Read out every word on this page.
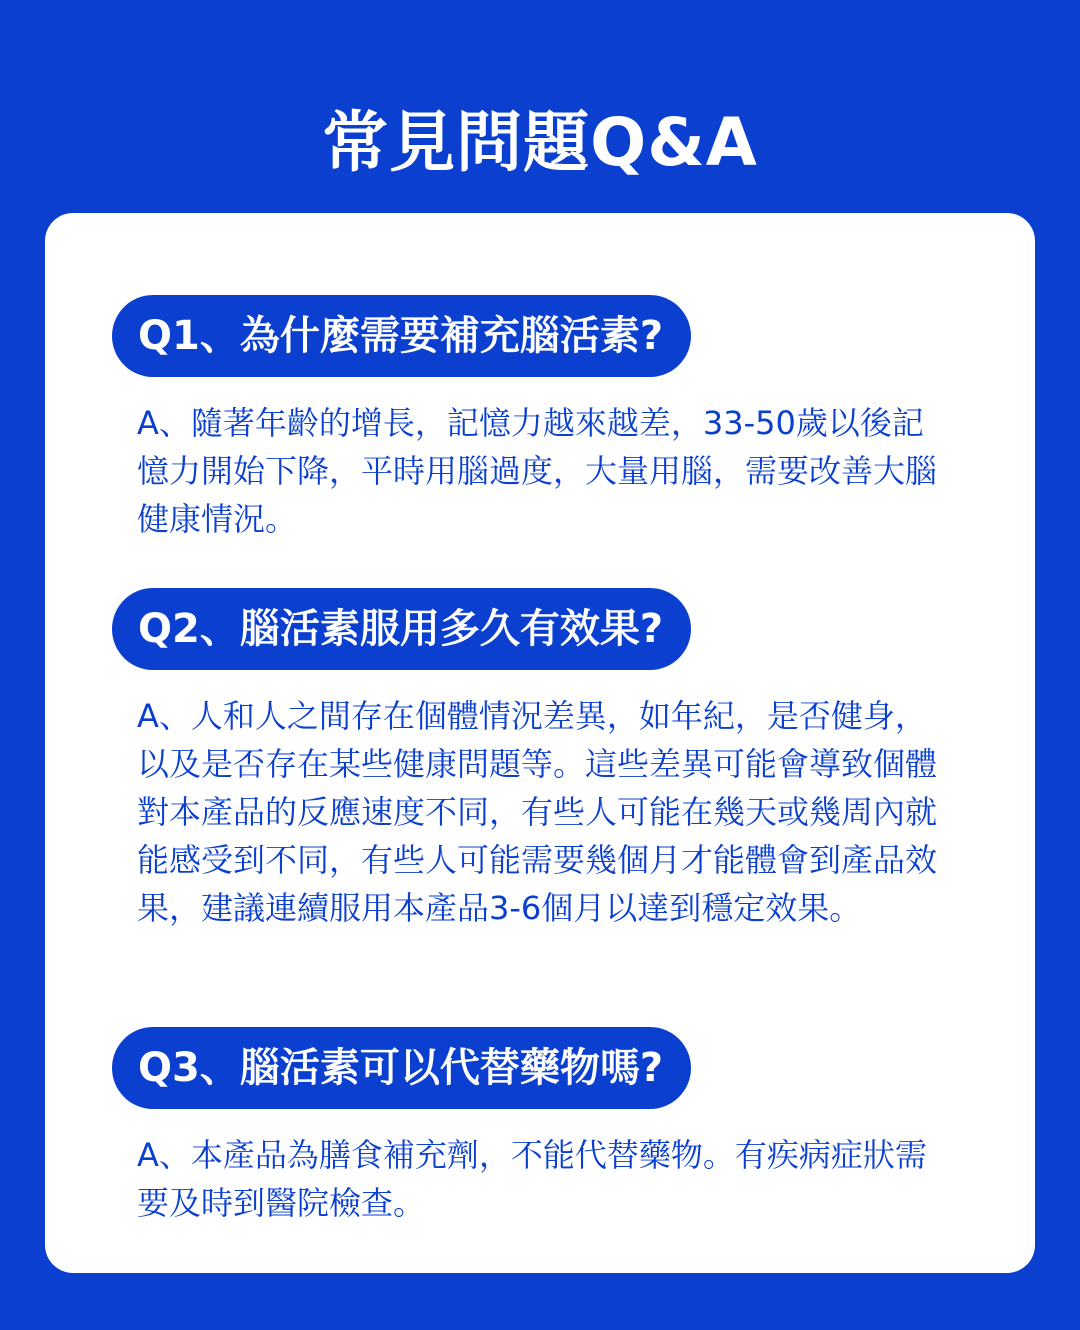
常見問題Q&A
Q1、為什麼需要補充腦活素?
A、隨著年齡的增長，記憶力越來越差，33-50歲以後記憶力開始下降，平時用腦過度，大量用腦，需要改善大腦健康情況。
Q2、腦活素服用多久有效果?
A、人和人之間存在個體情況差異，如年紀，是否健身，以及是否存在某些健康問題等。這些差異可能會導致個體對本產品的反應速度不同，有些人可能在幾天或幾周內就能感受到不同，有些人可能需要幾個月才能體會到產品效果，建議連續服用本產品3-6個月以達到穩定效果。
Q3、腦活素可以代替藥物嗎?
A、本產品為膳食補充劑，不能代替藥物。有疾病症狀需要及時到醫院檢查。
